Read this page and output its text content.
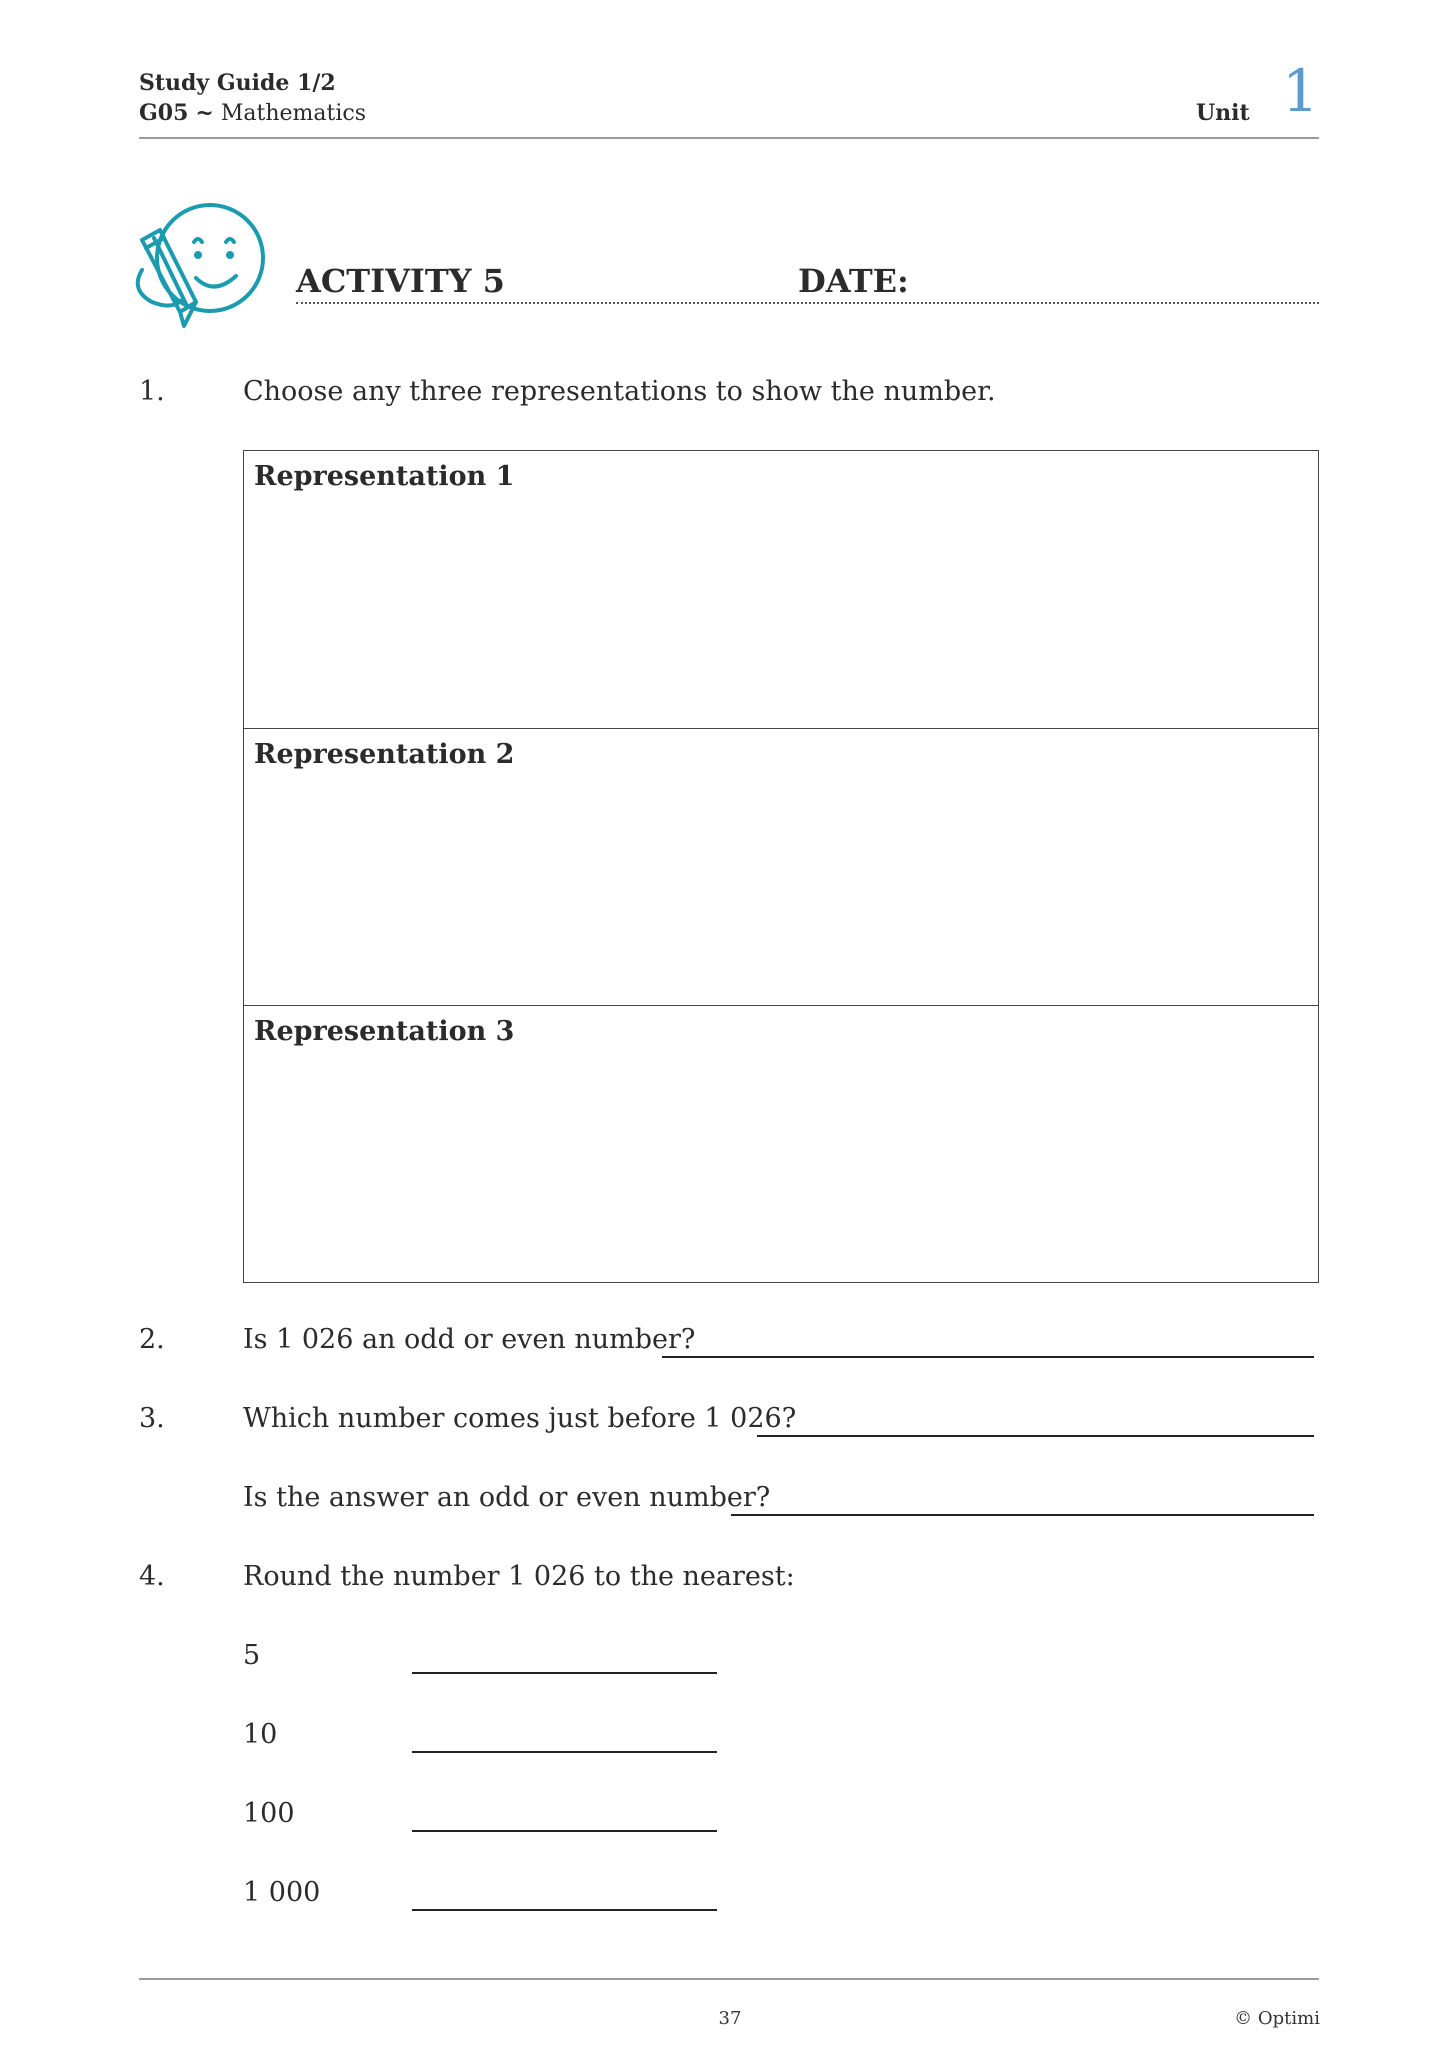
Study Guide 1/2
G05 ~ Mathematics	Unit 1
ACTIVITY 5	DATE:
1.	Choose any three representations to show the number.
Representation 1
Representation 2
Representation 3
2.	Is 1 026 an odd or even number?
3.	Which number comes just before 1 026?
Is the answer an odd or even number?
4.	Round the number 1 026 to the nearest:
5
10
100
1 000
37	© Optimi
